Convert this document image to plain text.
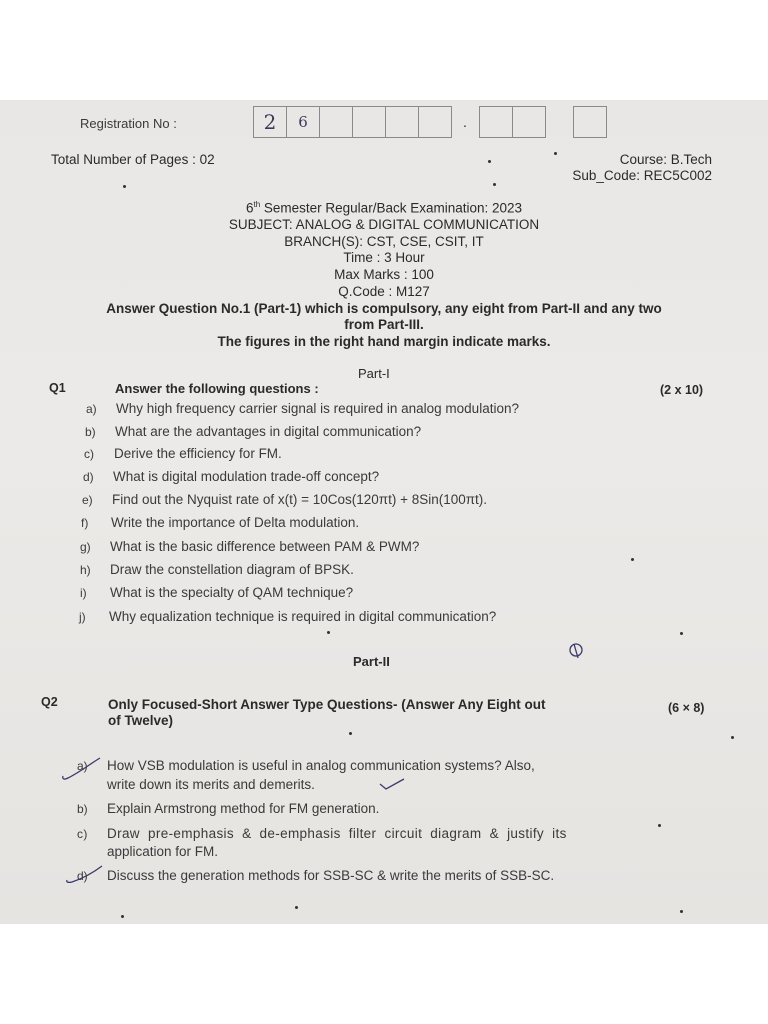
Registration No :	2	6	.
Total Number of Pages : 02	Course: B.Tech
Sub_Code: REC5C002
6th Semester Regular/Back Examination: 2023
SUBJECT: ANALOG & DIGITAL COMMUNICATION
BRANCH(S): CST, CSE, CSIT, IT
Time : 3 Hour
Max Marks : 100
Q.Code : M127
Answer Question No.1 (Part-1) which is compulsory, any eight from Part-II and any two
from Part-III.
The figures in the right hand margin indicate marks.
Part-I
Q1	Answer the following questions :	(2 x 10)
a) Why high frequency carrier signal is required in analog modulation?
b) What are the advantages in digital communication?
c) Derive the efficiency for FM.
d) What is digital modulation trade-off concept?
e) Find out the Nyquist rate of x(t) = 10Cos(120πt) + 8Sin(100πt).
f) Write the importance of Delta modulation.
g) What is the basic difference between PAM & PWM?
h) Draw the constellation diagram of BPSK.
i) What is the specialty of QAM technique?
j) Why equalization technique is required in digital communication?
Part-II
Q2	Only Focused-Short Answer Type Questions- (Answer Any Eight out
of Twelve)
(6 × 8)
a) How VSB modulation is useful in analog communication systems? Also,
write down its merits and demerits.
b) Explain Armstrong method for FM generation.
c) Draw pre-emphasis & de-emphasis filter circuit diagram & justify its
application for FM.
d) Discuss the generation methods for SSB-SC & write the merits of SSB-SC.
